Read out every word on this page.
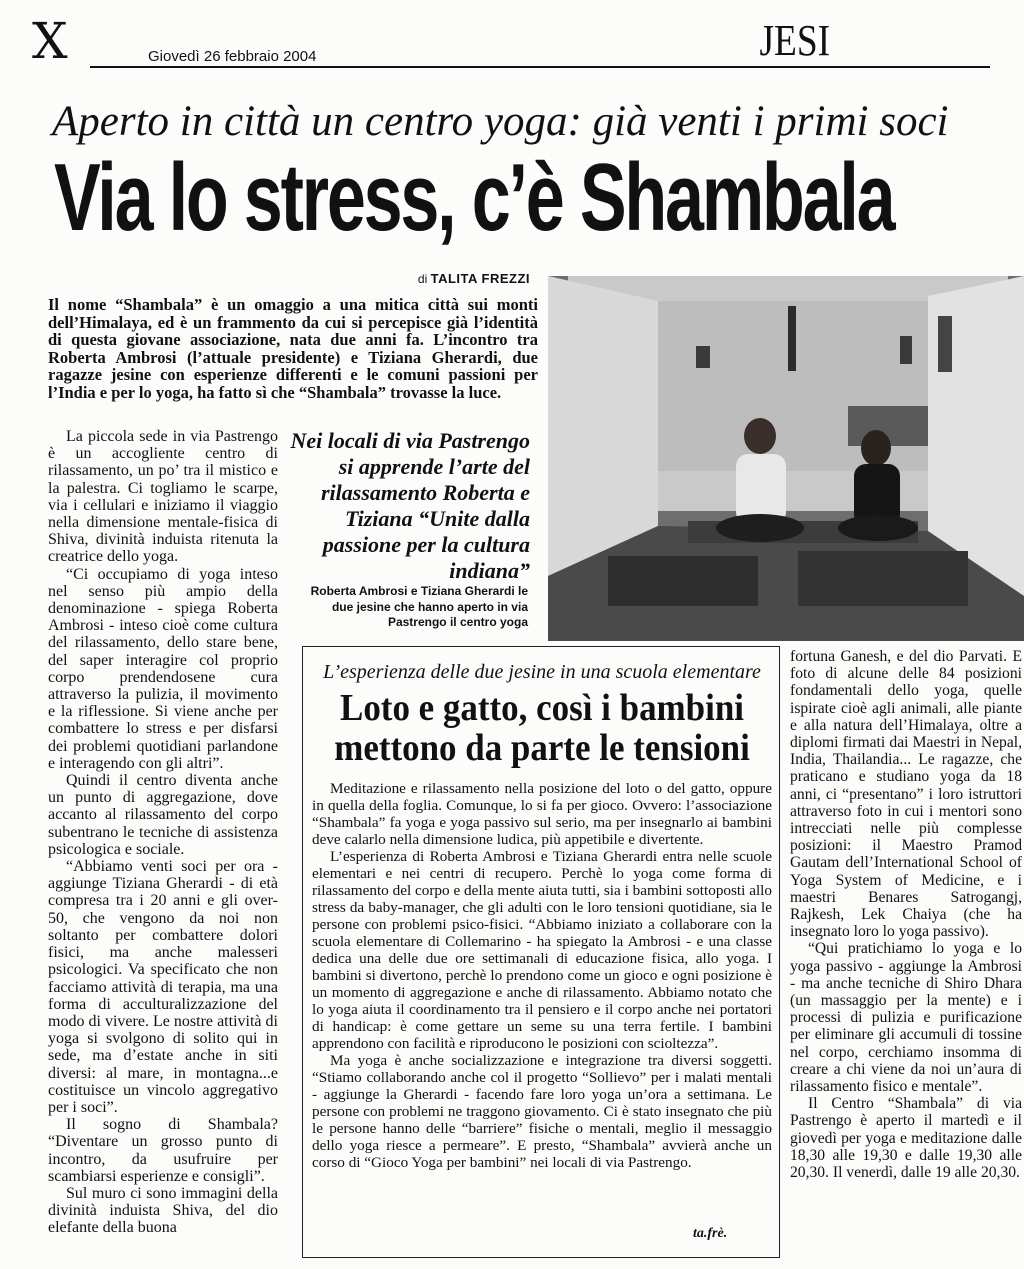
X	Giovedì 26 febbraio 2004	JESI
Aperto in città un centro yoga: già venti i primi soci
Via lo stress, c’è Shambala
di TALITA FREZZI
Il nome “Shambala” è un omaggio a una mitica città sui monti dell’Himalaya, ed è un frammento da cui si percepisce già l’identità di questa giovane associazione, nata due anni fa. L’incontro tra Roberta Ambrosi (l’attuale presidente) e Tiziana Gherardi, due ragazze jesine con esperienze differenti e le comuni passioni per l’India e per lo yoga, ha fatto sì che “Shambala” trovasse la luce.
Nei locali di via Pastrengo si apprende l’arte del rilassamento Roberta e Tiziana “Unite dalla passione per la cultura indiana”
Roberta Ambrosi e Tiziana Gherardi le due jesine che hanno aperto in via Pastrengo il centro yoga

La piccola sede in via Pastrengo è un accogliente centro di rilassamento, un po’ tra il mistico e la palestra. Ci togliamo le scarpe, via i cellulari e iniziamo il viaggio nella dimensione mentale-fisica di Shiva, divinità induista ritenuta la creatrice dello yoga.

“Ci occupiamo di yoga inteso nel senso più ampio della denominazione - spiega Roberta Ambrosi - inteso cioè come cultura del rilassamento, dello stare bene, del saper interagire col proprio corpo prendendosene cura attraverso la pulizia, il movimento e la riflessione. Si viene anche per combattere lo stress e per disfarsi dei problemi quotidiani parlandone e interagendo con gli altri”.

Quindi il centro diventa anche un punto di aggregazione, dove accanto al rilassamento del corpo subentrano le tecniche di assistenza psicologica e sociale.

“Abbiamo venti soci per ora - aggiunge Tiziana Gherardi - di età compresa tra i 20 anni e gli over-50, che vengono da noi non soltanto per combattere dolori fisici, ma anche malesseri psicologici. Va specificato che non facciamo attività di terapia, ma una forma di acculturalizzazione del modo di vivere. Le nostre attività di yoga si svolgono di solito qui in sede, ma d’estate anche in siti diversi: al mare, in montagna...e costituisce un vincolo aggregativo per i soci”.

Il sogno di Shambala? “Diventare un grosso punto di incontro, da usufruire per scambiarsi esperienze e consigli”.

Sul muro ci sono immagini della divinità induista Shiva, del dio elefante della buona

L’esperienza delle due jesine in una scuola elementare
Loto e gatto, così i bambini mettono da parte le tensioni

Meditazione e rilassamento nella posizione del loto o del gatto, oppure in quella della foglia. Comunque, lo si fa per gioco. Ovvero: l’associazione “Shambala” fa yoga e yoga passivo sul serio, ma per insegnarlo ai bambini deve calarlo nella dimensione ludica, più appetibile e divertente.

L’esperienza di Roberta Ambrosi e Tiziana Gherardi entra nelle scuole elementari e nei centri di recupero. Perchè lo yoga come forma di rilassamento del corpo e della mente aiuta tutti, sia i bambini sottoposti allo stress da baby-manager, che gli adulti con le loro tensioni quotidiane, sia le persone con problemi psico-fisici. “Abbiamo iniziato a collaborare con la scuola elementare di Collemarino - ha spiegato la Ambrosi - e una classe dedica una delle due ore settimanali di educazione fisica, allo yoga. I bambini si divertono, perchè lo prendono come un gioco e ogni posizione è un momento di aggregazione e anche di rilassamento. Abbiamo notato che lo yoga aiuta il coordinamento tra il pensiero e il corpo anche nei portatori di handicap: è come gettare un seme su una terra fertile. I bambini apprendono con facilità e riproducono le posizioni con scioltezza”.

Ma yoga è anche socializzazione e integrazione tra diversi soggetti. “Stiamo collaborando anche col il progetto “Sollievo” per i malati mentali - aggiunge la Gherardi - facendo fare loro yoga un’ora a settimana. Le persone con problemi ne traggono giovamento. Ci è stato insegnato che più le persone hanno delle “barriere” fisiche o mentali, meglio il messaggio dello yoga riesce a permeare”. E presto, “Shambala” avvierà anche un corso di “Gioco Yoga per bambini” nei locali di via Pastrengo.

ta.frè.

fortuna Ganesh, e del dio Parvati. E foto di alcune delle 84 posizioni fondamentali dello yoga, quelle ispirate cioè agli animali, alle piante e alla natura dell’Himalaya, oltre a diplomi firmati dai Maestri in Nepal, India, Thailandia... Le ragazze, che praticano e studiano yoga da 18 anni, ci “presentano” i loro istruttori attraverso foto in cui i mentori sono intrecciati nelle più complesse posizioni: il Maestro Pramod Gautam dell’International School of Yoga System of Medicine, e i maestri Benares Satrogangj, Rajkesh, Lek Chaiya (che ha insegnato loro lo yoga passivo).

“Qui pratichiamo lo yoga e lo yoga passivo - aggiunge la Ambrosi - ma anche tecniche di Shiro Dhara (un massaggio per la mente) e i processi di pulizia e purificazione per eliminare gli accumuli di tossine nel corpo, cerchiamo insomma di creare a chi viene da noi un’aura di rilassamento fisico e mentale”.

Il Centro “Shambala” di via Pastrengo è aperto il martedì e il giovedì per yoga e meditazione dalle 18,30 alle 19,30 e dalle 19,30 alle 20,30. Il venerdì, dalle 19 alle 20,30.
